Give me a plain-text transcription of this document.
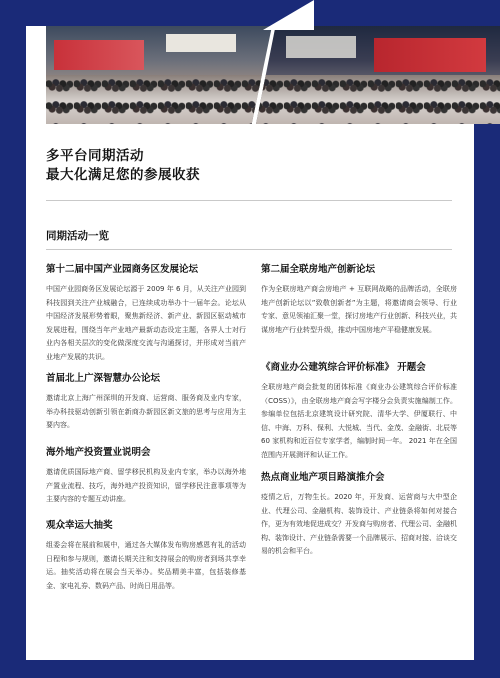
多平台同期活动
最大化满足您的参展收获
同期活动一览
第十二届中国产业园商务区发展论坛

中国产业园商务区发展论坛源于 2009 年 6 月，从关注产业园到科技园到关注产业城融合，已连续成功举办十一届年会。论坛从中国经济发展形势着眼，聚焦新经济、新产业、新园区驱动城市发展进程，围绕当年产业地产最新动态设定主题，各界人士对行业内各相关层次的变化做深度交流与沟通探讨，并形成对当前产业地产发展的共识。

首届北上广深智慧办公论坛

邀请北京上海广州深圳的开发商、运营商、服务商及业内专家，举办科技驱动创新引领在新商办新园区新文旅的思考与应用为主要内容。

海外地产投资置业说明会

邀请优质国际地产商、留学移民机构及业内专家，举办以海外地产置业流程、技巧，海外地产投资知识，留学移民注意事项等为主要内容的专题互动讲座。

观众幸运大抽奖

组委会将在展前和展中，通过各大媒体发布购房感恩有礼的活动日程和参与规则，邀请长期关注和支持展会的购房者到场共享幸运。抽奖活动将在展会当天举办。奖品精美丰富，包括装修基金、家电礼券、数码产品、时尚日用品等。

第二届全联房地产创新论坛

作为全联房地产商会房地产 + 互联网战略的品牌活动，全联房地产创新论坛以”致敬创新者”为主题，将邀请商会领导、行业专家、意见领袖汇聚一堂，探讨房地产行业创新、科技兴业，共谋房地产行业转型升级，推动中国房地产平稳健康发展。

《商业办公建筑综合评价标准》 开题会

全联房地产商会批复的团体标准《商业办公建筑综合评价标准（COSS）》，由全联房地产商会写字楼分会负责实施编制工作。参编单位包括北京建筑设计研究院、清华大学、伊厦联行、中信、中海、万科、保利、大悦城、当代、金茂、金融街、北辰等 60 家机构和近百位专家学者，编制时间一年。 2021 年在全国范围内开展测评和认证工作。

热点商业地产项目路演推介会

疫情之后，万物生长。2020 年，开发商、运营商与大中型企业、代理公司、金融机构、装饰设计、产业链条将如何对接合作，更为有效地促进成交？开发商与购房者、代理公司、金融机构、装饰设计、产业链条需要一个品牌展示、招商对接、洽谈交易的机会和平台。
